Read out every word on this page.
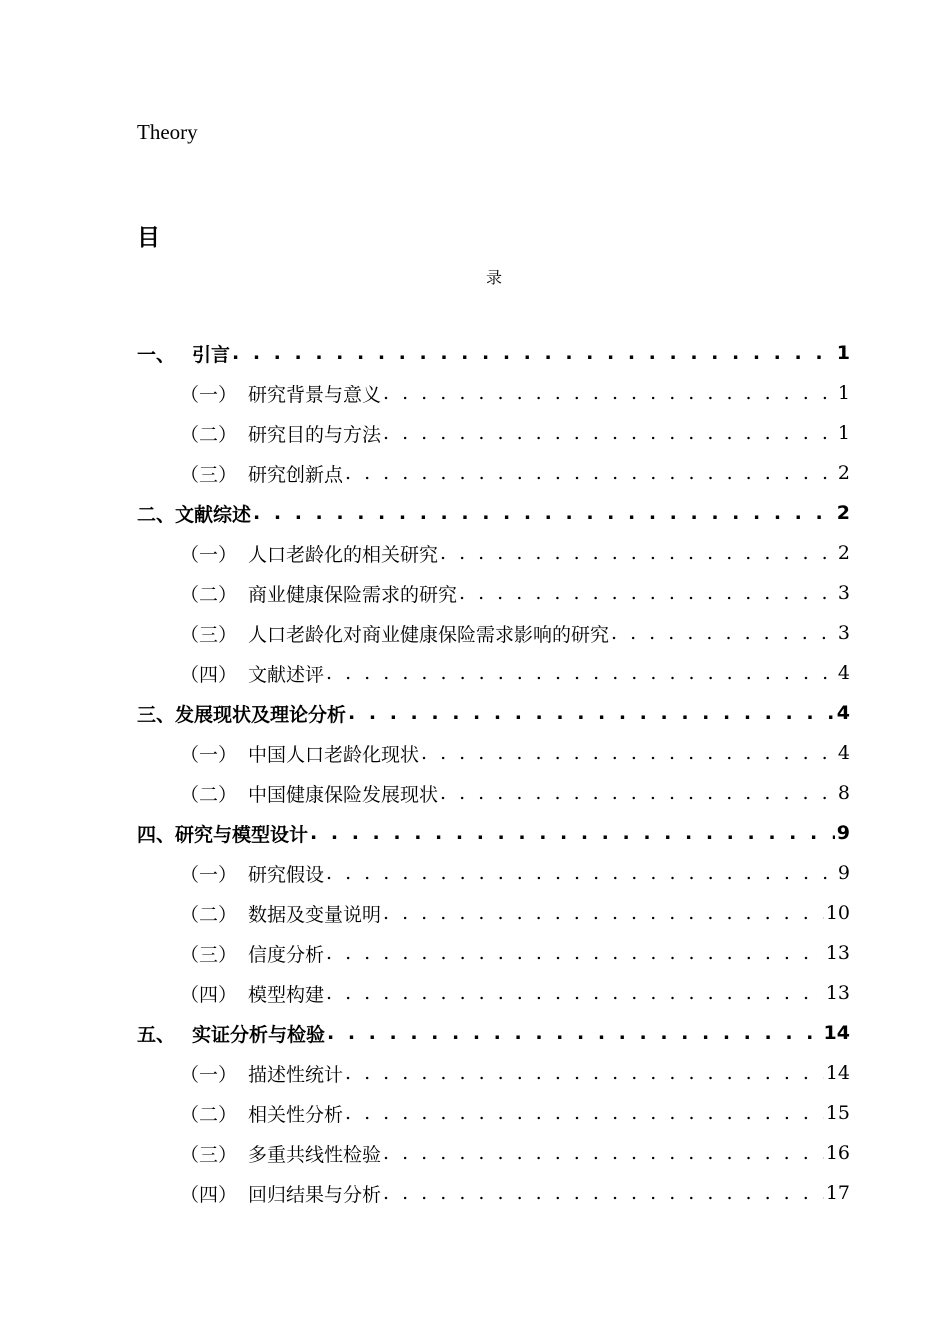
Theory
目
录
一、 引言 . . .	1
（一） 研究背景与意义 . . .	1
（二） 研究目的与方法 . . .	1
（三） 研究创新点 . . .	2
二、 文献综述 . . .	2
（一） 人口老龄化的相关研究 . . .	2
（二） 商业健康保险需求的研究 . . .	3
（三） 人口老龄化对商业健康保险需求影响的研究 . . .	3
（四） 文献述评 . . .	4
三、 发展现状及理论分析 . . .	4
（一） 中国人口老龄化现状 . . .	4
（二） 中国健康保险发展现状 . . .	8
四、 研究与模型设计 . . .	9
（一） 研究假设 . . .	9
（二） 数据及变量说明 . . .	10
（三） 信度分析 . . .	13
（四） 模型构建 . . .	13
五、 实证分析与检验 . . .	14
（一） 描述性统计 . . .	14
（二） 相关性分析 . . .	15
（三） 多重共线性检验 . . .	16
（四） 回归结果与分析 . . .	17
